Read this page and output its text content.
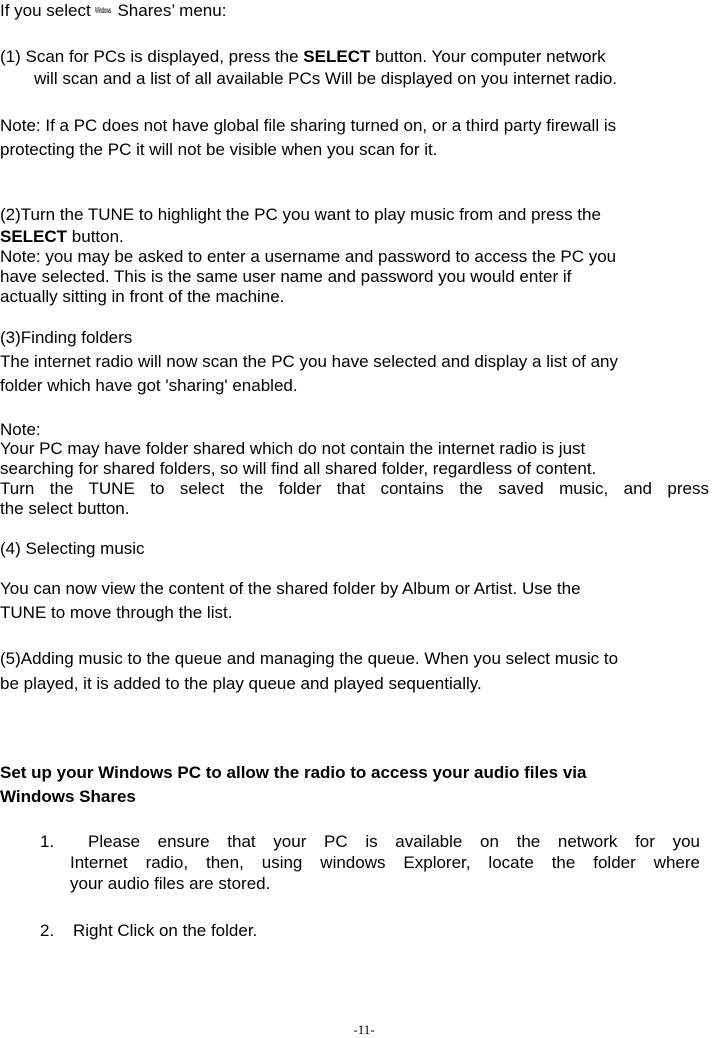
If you select Windows Shares’ menu:
(1) Scan for PCs is displayed, press the SELECT button. Your computer network
will scan and a list of all available PCs Will be displayed on you internet radio.
Note: If a PC does not have global file sharing turned on, or a third party firewall is
protecting the PC it will not be visible when you scan for it.
(2)Turn the TUNE to highlight the PC you want to play music from and press the
SELECT button.
Note: you may be asked to enter a username and password to access the PC you
have selected. This is the same user name and password you would enter if
actually sitting in front of the machine.
(3)Finding folders
The internet radio will now scan the PC you have selected and display a list of any
folder which have got 'sharing' enabled.
Note:
Your PC may have folder shared which do not contain the internet radio is just
searching for shared folders, so will find all shared folder, regardless of content.
Turn the TUNE to select the folder that contains the saved music, and press
the select button.
(4) Selecting music
You can now view the content of the shared folder by Album or Artist. Use the
TUNE to move through the list.
(5)Adding music to the queue and managing the queue. When you select music to
be played, it is added to the play queue and played sequentially.
Set up your Windows PC to allow the radio to access your audio files via
Windows Shares
1. Please ensure that your PC is available on the network for you
Internet radio, then, using windows Explorer, locate the folder where
your audio files are stored.
2. Right Click on the folder.
-11-
